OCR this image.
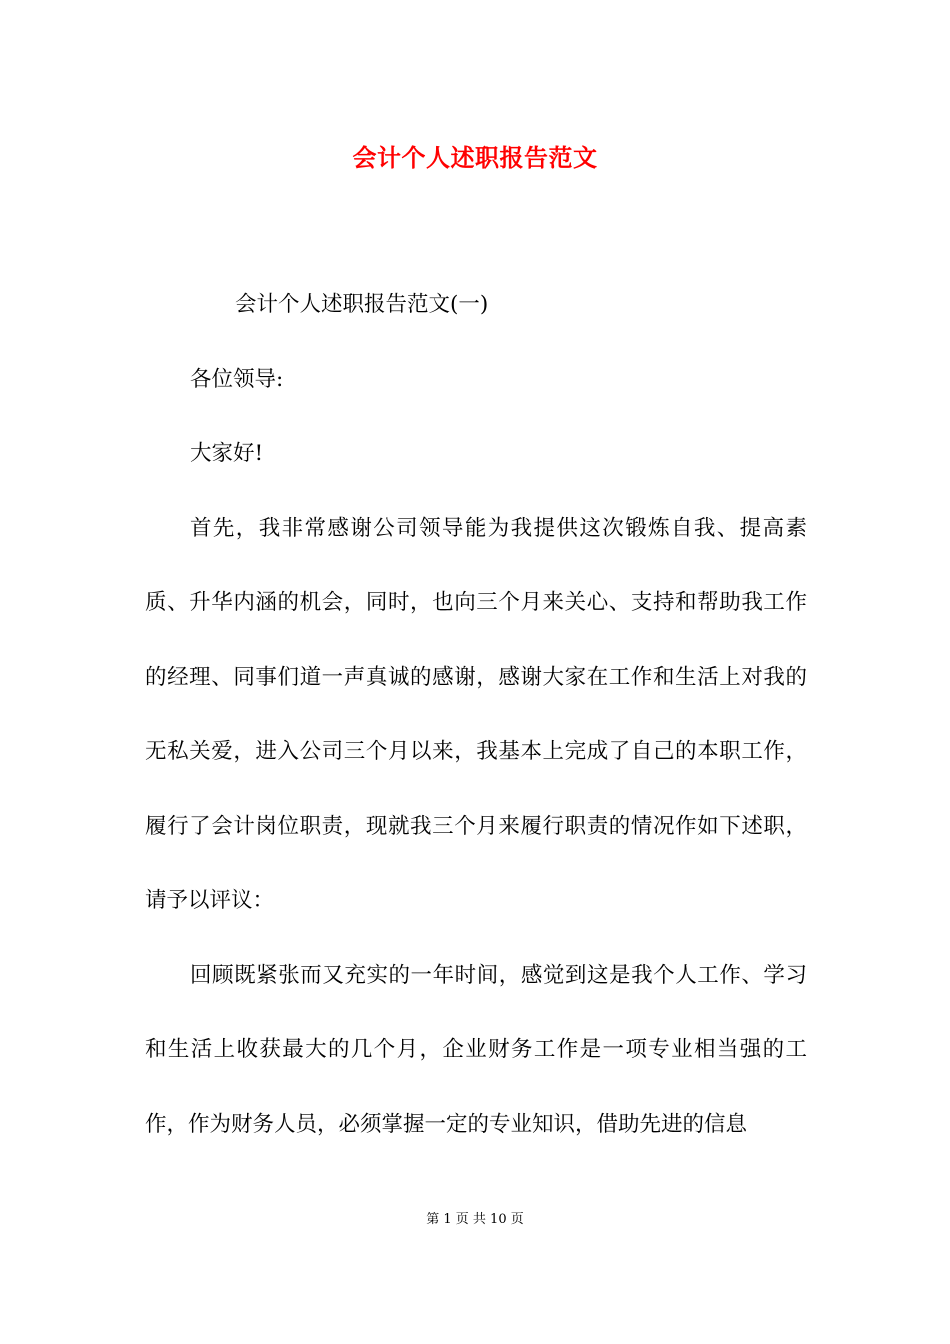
会计个人述职报告范文

会计个人述职报告范文(一)

各位领导:

大家好!

首先，我非常感谢公司领导能为我提供这次锻炼自我、提高素质、升华内涵的机会，同时，也向三个月来关心、支持和帮助我工作的经理、同事们道一声真诚的感谢，感谢大家在工作和生活上对我的无私关爱，进入公司三个月以来，我基本上完成了自己的本职工作，履行了会计岗位职责，现就我三个月来履行职责的情况作如下述职，请予以评议：

回顾既紧张而又充实的一年时间，感觉到这是我个人工作、学习和生活上收获最大的几个月，企业财务工作是一项专业相当强的工作，作为财务人员，必须掌握一定的专业知识，借助先进的信息

第 1 页 共 10 页
